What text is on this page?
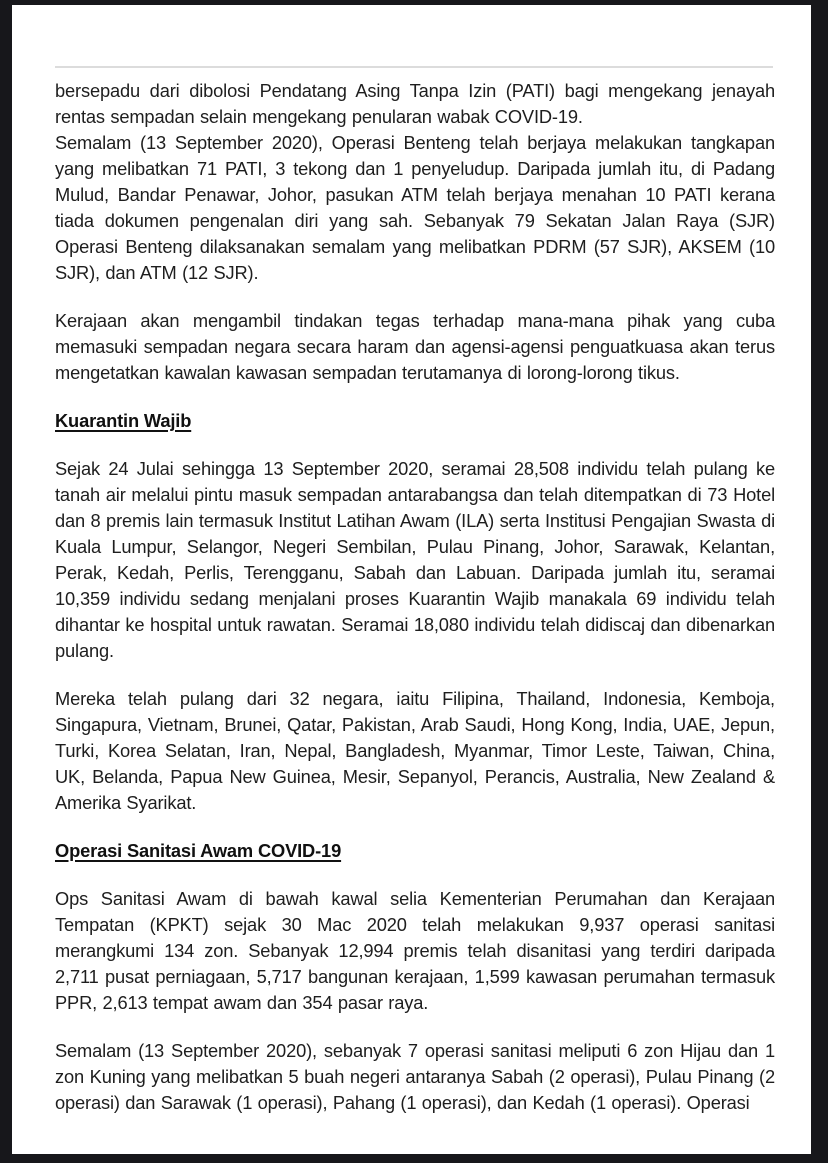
bersepadu dari dibolosi Pendatang Asing Tanpa Izin (PATI) bagi mengekang jenayah rentas sempadan selain mengekang penularan wabak COVID-19.

Semalam (13 September 2020), Operasi Benteng telah berjaya melakukan tangkapan yang melibatkan 71 PATI, 3 tekong dan 1 penyeludup. Daripada jumlah itu, di Padang Mulud, Bandar Penawar, Johor, pasukan ATM telah berjaya menahan 10 PATI kerana tiada dokumen pengenalan diri yang sah. Sebanyak 79 Sekatan Jalan Raya (SJR) Operasi Benteng dilaksanakan semalam yang melibatkan PDRM (57 SJR), AKSEM (10 SJR), dan ATM (12 SJR).

Kerajaan akan mengambil tindakan tegas terhadap mana-mana pihak yang cuba memasuki sempadan negara secara haram dan agensi-agensi penguatkuasa akan terus mengetatkan kawalan kawasan sempadan terutamanya di lorong-lorong tikus.

Kuarantin Wajib

Sejak 24 Julai sehingga 13 September 2020, seramai 28,508 individu telah pulang ke tanah air melalui pintu masuk sempadan antarabangsa dan telah ditempatkan di 73 Hotel dan 8 premis lain termasuk Institut Latihan Awam (ILA) serta Institusi Pengajian Swasta di Kuala Lumpur, Selangor, Negeri Sembilan, Pulau Pinang, Johor, Sarawak, Kelantan, Perak, Kedah, Perlis, Terengganu, Sabah dan Labuan. Daripada jumlah itu, seramai 10,359 individu sedang menjalani proses Kuarantin Wajib manakala 69 individu telah dihantar ke hospital untuk rawatan. Seramai 18,080 individu telah didiscaj dan dibenarkan pulang.

Mereka telah pulang dari 32 negara, iaitu Filipina, Thailand, Indonesia, Kemboja, Singapura, Vietnam, Brunei, Qatar, Pakistan, Arab Saudi, Hong Kong, India, UAE, Jepun, Turki, Korea Selatan, Iran, Nepal, Bangladesh, Myanmar, Timor Leste, Taiwan, China, UK, Belanda, Papua New Guinea, Mesir, Sepanyol, Perancis, Australia, New Zealand & Amerika Syarikat.

Operasi Sanitasi Awam COVID-19

Ops Sanitasi Awam di bawah kawal selia Kementerian Perumahan dan Kerajaan Tempatan (KPKT) sejak 30 Mac 2020 telah melakukan 9,937 operasi sanitasi merangkumi 134 zon. Sebanyak 12,994 premis telah disanitasi yang terdiri daripada 2,711 pusat perniagaan, 5,717 bangunan kerajaan, 1,599 kawasan perumahan termasuk PPR, 2,613 tempat awam dan 354 pasar raya.

Semalam (13 September 2020), sebanyak 7 operasi sanitasi meliputi 6 zon Hijau dan 1 zon Kuning yang melibatkan 5 buah negeri antaranya Sabah (2 operasi), Pulau Pinang (2 operasi) dan Sarawak (1 operasi), Pahang (1 operasi), dan Kedah (1 operasi). Operasi
